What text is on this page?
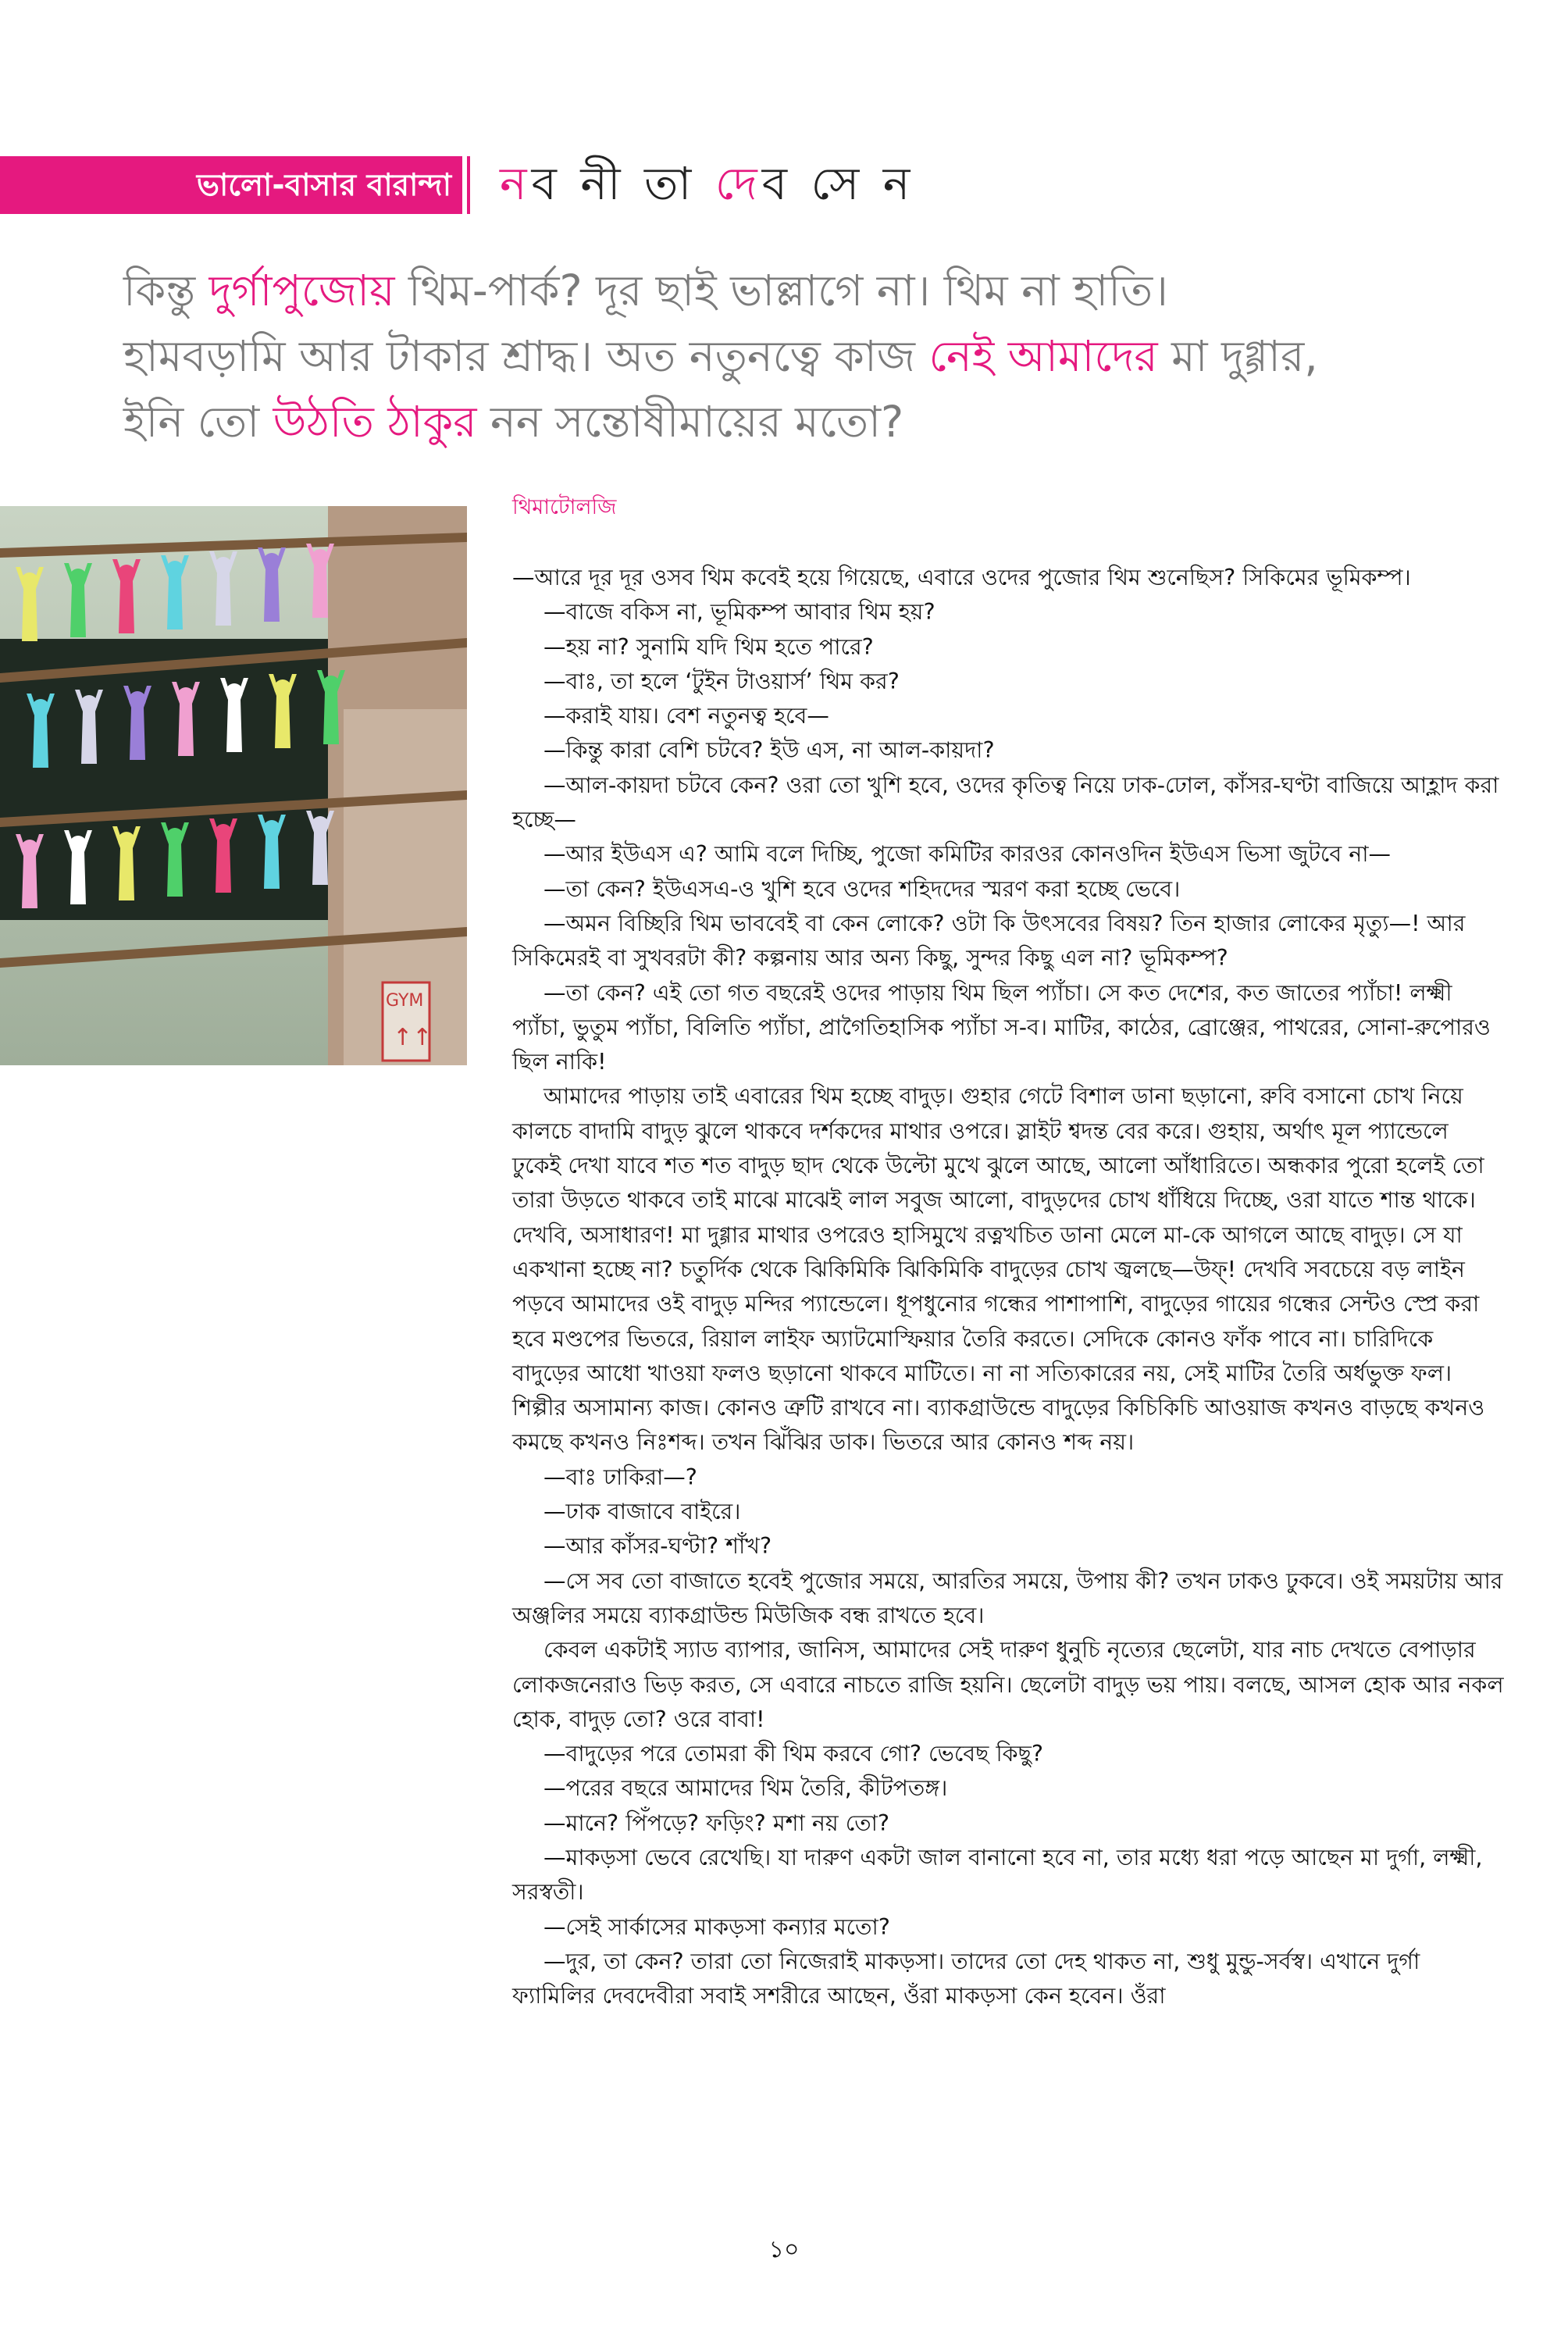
ভালো-বাসার বারান্দা নব নী তা দেব সে ন
কিন্তু দুর্গাপুজোয় থিম-পার্ক? দূর ছাই ভাল্লাগে না। থিম না হাতি।
হামবড়ামি আর টাকার শ্রাদ্ধ। অত নতুনত্বে কাজ নেই আমাদের মা দুগ্গার,
ইনি তো উঠতি ঠাকুর নন সন্তোষীমায়ের মতো?
GYM
↑↑
থিমাটোলজি

—আরে দূর দূর ওসব থিম কবেই হয়ে গিয়েছে, এবারে ওদের পুজোর থিম শুনেছিস? সিকিমের ভূমিকম্প।

—বাজে বকিস না, ভূমিকম্প আবার থিম হয়?

—হয় না? সুনামি যদি থিম হতে পারে?

—বাঃ, তা হলে ‘টুইন টাওয়ার্স’ থিম কর?

—করাই যায়। বেশ নতুনত্ব হবে—

—কিন্তু কারা বেশি চটবে? ইউ এস, না আল-কায়দা?

—আল-কায়দা চটবে কেন? ওরা তো খুশি হবে, ওদের কৃতিত্ব নিয়ে ঢাক-ঢোল, কাঁসর-ঘণ্টা বাজিয়ে আহ্লাদ করা হচ্ছে—

—আর ইউএস এ? আমি বলে দিচ্ছি, পুজো কমিটির কারওর কোনওদিন ইউএস ভিসা জুটবে না—

—তা কেন? ইউএসএ-ও খুশি হবে ওদের শহিদদের স্মরণ করা হচ্ছে ভেবে।

—অমন বিচ্ছিরি থিম ভাববেই বা কেন লোকে? ওটা কি উৎসবের বিষয়? তিন হাজার লোকের মৃত্যু—! আর সিকিমেরই বা সুখবরটা কী? কল্পনায় আর অন্য কিছু, সুন্দর কিছু এল না? ভূমিকম্প?

—তা কেন? এই তো গত বছরেই ওদের পাড়ায় থিম ছিল প্যাঁচা। সে কত দেশের, কত জাতের প্যাঁচা! লক্ষ্মী প্যাঁচা, ভুতুম প্যাঁচা, বিলিতি প্যাঁচা, প্রাগৈতিহাসিক প্যাঁচা স-ব। মাটির, কাঠের, ব্রোঞ্জের, পাথরের, সোনা-রুপোরও ছিল নাকি!

আমাদের পাড়ায় তাই এবারের থিম হচ্ছে বাদুড়। গুহার গেটে বিশাল ডানা ছড়ানো, রুবি বসানো চোখ নিয়ে কালচে বাদামি বাদুড় ঝুলে থাকবে দর্শকদের মাথার ওপরে। স্লাইট শ্বদন্ত বের করে। গুহায়, অর্থাৎ মূল প্যান্ডেলে ঢুকেই দেখা যাবে শত শত বাদুড় ছাদ থেকে উল্টো মুখে ঝুলে আছে, আলো আঁধারিতে। অন্ধকার পুরো হলেই তো তারা উড়তে থাকবে তাই মাঝে মাঝেই লাল সবুজ আলো, বাদুড়দের চোখ ধাঁধিয়ে দিচ্ছে, ওরা যাতে শান্ত থাকে। দেখবি, অসাধারণ! মা দুগ্গার মাথার ওপরেও হাসিমুখে রত্নখচিত ডানা মেলে মা-কে আগলে আছে বাদুড়। সে যা একখানা হচ্ছে না? চতুর্দিক থেকে ঝিকিমিকি ঝিকিমিকি বাদুড়ের চোখ জ্বলছে—উফ্! দেখবি সবচেয়ে বড় লাইন পড়বে আমাদের ওই বাদুড় মন্দির প্যান্ডেলে। ধূপধুনোর গন্ধের পাশাপাশি, বাদুড়ের গায়ের গন্ধের সেন্টও স্প্রে করা হবে মণ্ডপের ভিতরে, রিয়াল লাইফ অ্যাটমোস্ফিয়ার তৈরি করতে। সেদিকে কোনও ফাঁক পাবে না। চারিদিকে বাদুড়ের আধো খাওয়া ফলও ছড়ানো থাকবে মাটিতে। না না সত্যিকারের নয়, সেই মাটির তৈরি অর্ধভুক্ত ফল। শিল্পীর অসামান্য কাজ। কোনও ত্রুটি রাখবে না। ব্যাকগ্রাউন্ডে বাদুড়ের কিচিকিচি আওয়াজ কখনও বাড়ছে কখনও কমছে কখনও নিঃশব্দ। তখন ঝিঁঝির ডাক। ভিতরে আর কোনও শব্দ নয়।

—বাঃ ঢাকিরা—?

—ঢাক বাজাবে বাইরে।

—আর কাঁসর-ঘণ্টা? শাঁখ?

—সে সব তো বাজাতে হবেই পুজোর সময়ে, আরতির সময়ে, উপায় কী? তখন ঢাকও ঢুকবে। ওই সময়টায় আর অঞ্জলির সময়ে ব্যাকগ্রাউন্ড মিউজিক বন্ধ রাখতে হবে।

কেবল একটাই স্যাড ব্যাপার, জানিস, আমাদের সেই দারুণ ধুনুচি নৃত্যের ছেলেটা, যার নাচ দেখতে বেপাড়ার লোকজনেরাও ভিড় করত, সে এবারে নাচতে রাজি হয়নি। ছেলেটা বাদুড় ভয় পায়। বলছে, আসল হোক আর নকল হোক, বাদুড় তো? ওরে বাবা!

—বাদুড়ের পরে তোমরা কী থিম করবে গো? ভেবেছ কিছু?

—পরের বছরে আমাদের থিম তৈরি, কীটপতঙ্গ।

—মানে? পিঁপড়ে? ফড়িং? মশা নয় তো?

—মাকড়সা ভেবে রেখেছি। যা দারুণ একটা জাল বানানো হবে না, তার মধ্যে ধরা পড়ে আছেন মা দুর্গা, লক্ষ্মী, সরস্বতী।

—সেই সার্কাসের মাকড়সা কন্যার মতো?

—দুর, তা কেন? তারা তো নিজেরাই মাকড়সা। তাদের তো দেহ থাকত না, শুধু মুন্ডু-সর্বস্ব। এখানে দুর্গা ফ্যামিলির দেবদেবীরা সবাই সশরীরে আছেন, ওঁরা মাকড়সা কেন হবেন। ওঁরা

১০
